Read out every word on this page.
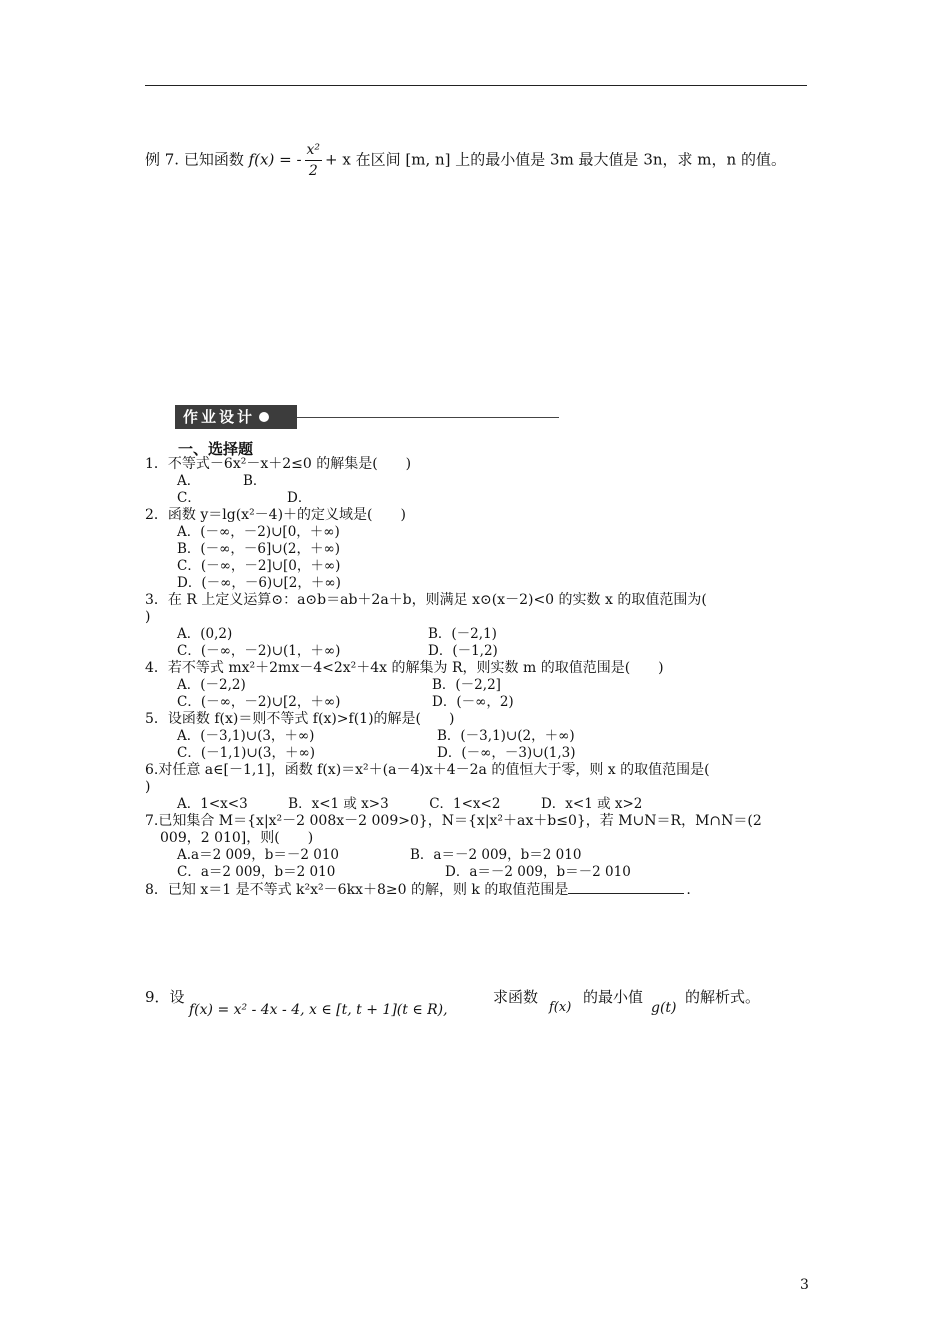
例 7. 已知函数 f(x) = - $\frac{\text{x²}}{2} + x$ 在区间 [m, n] 上的最小值是 3m 最大值是 3n，求 m，n 的值。
作业设计
一、选择题
1．不等式－6x²－x＋2≤0 的解集是(　　)
A．	B．
C．	D．
2．函数 y＝lg(x²－4)＋的定义域是(　　)
A．(－∞，－2)∪[0，＋∞)
B．(－∞，－6]∪(2，＋∞)
C．(－∞，－2]∪[0，＋∞)
D．(－∞，－6)∪[2，＋∞)
3．在 R 上定义运算⊙：a⊙b＝ab＋2a＋b，则满足 x⊙(x－2)<0 的实数 x 的取值范围为(
)
A．(0,2)	B．(－2,1)
C．(－∞，－2)∪(1，＋∞)	D．(－1,2)
4．若不等式 mx²＋2mx－4<2x²＋4x 的解集为 R，则实数 m 的取值范围是(　　)
A．(－2,2)	B．(－2,2]
C．(－∞，－2)∪[2，＋∞)	D．(－∞，2)
5．设函数 f(x)＝则不等式 f(x)>f(1)的解是(　　)
A．(－3,1)∪(3，＋∞)	B．(－3,1)∪(2，＋∞)
C．(－1,1)∪(3，＋∞)	D．(－∞，－3)∪(1,3)
6.对任意 a∈[－1,1]，函数 f(x)＝x²＋(a－4)x＋4－2a 的值恒大于零，则 x 的取值范围是(
)
A．1<x<3　　　B．x<1 或 x>3　　　C．1<x<2　　　D．x<1 或 x>2
7.已知集合 M＝{x|x²－2 008x－2 009>0}，N＝{x|x²＋ax＋b≤0}，若 M∪N＝R，M∩N＝(2
009，2 010]，则(　　)
A.a＝2 009，b＝－2 010	B．a＝－2 009，b＝2 010
C．a＝2 009，b＝2 010	D．a＝－2 009，b＝－2 010
8．已知 x＝1 是不等式 k²x²－6kx＋8≥0 的解，则 k 的取值范围是	.
9．设
f(x) = x² - 4x - 4, x ∈ [t, t + 1](t ∈ R),
求函数
f(x)
的最小值
g(t)
的解析式。
3
